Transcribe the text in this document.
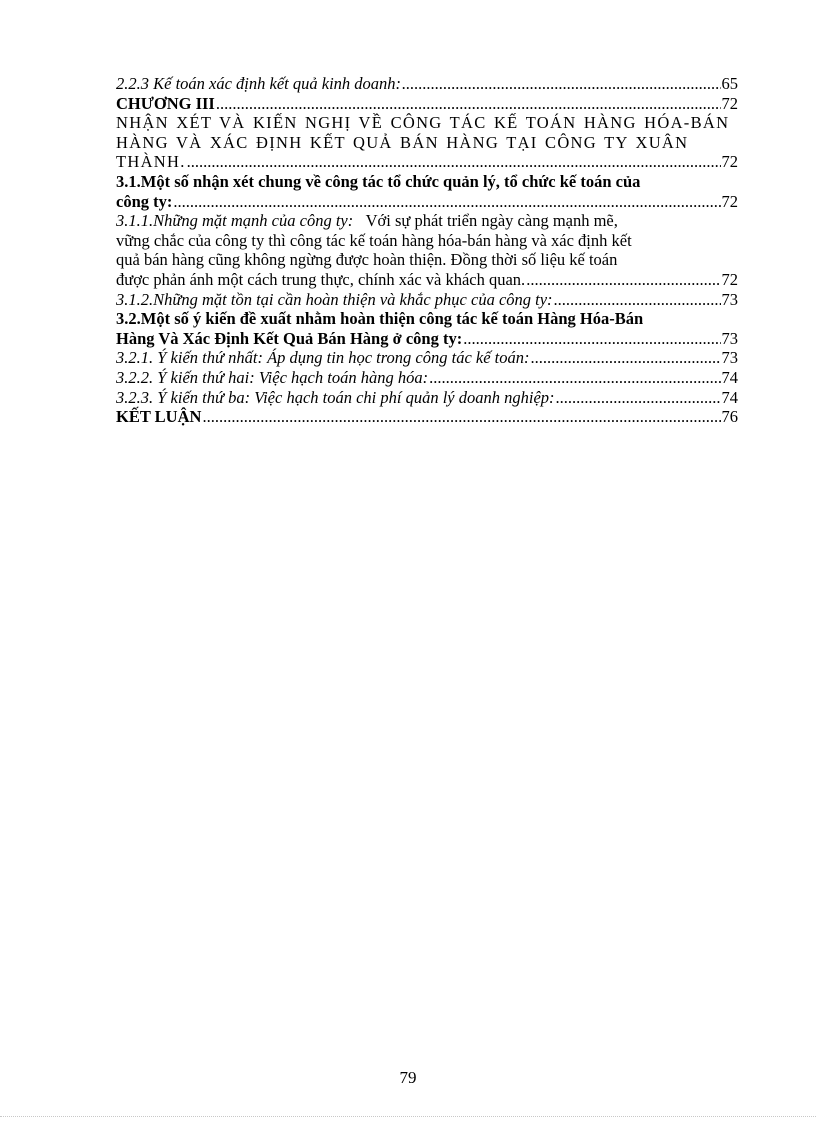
2.2.3 Kế toán xác định kết quả kinh doanh: .....	65
CHƯƠNG III .....	72
NHẬN XÉT VÀ KIẾN NGHỊ VỀ CÔNG TÁC KẾ TOÁN HÀNG HÓA-BÁN
HÀNG VÀ XÁC ĐỊNH KẾT QUẢ BÁN HÀNG TẠI CÔNG TY XUÂN
THÀNH. .....	72
3.1.Một số nhận xét chung về công tác tổ chức quản lý, tổ chức kế toán của
công ty: .....	72
3.1.1.Những mặt mạnh của công ty: Với sự phát triển ngày càng mạnh mẽ,
vững chắc của công ty thì công tác kế toán hàng hóa-bán hàng và xác định kết
quả bán hàng cũng không ngừng được hoàn thiện. Đồng thời số liệu kế toán
được phản ánh một cách trung thực, chính xác và khách quan. .....	72
3.1.2.Những mặt tồn tại cần hoàn thiện và khắc phục của công ty: .....	73
3.2.Một số ý kiến đề xuất nhằm hoàn thiện công tác kế toán Hàng Hóa-Bán
Hàng Và Xác Định Kết Quả Bán Hàng ở công ty: .....	73
3.2.1. Ý kiến thứ nhất: Áp dụng tin học trong công tác kế toán: .....	73
3.2.2. Ý kiến thứ hai: Việc hạch toán hàng hóa: .....	74
3.2.3. Ý kiến thứ ba: Việc hạch toán chi phí quản lý doanh nghiệp: .....	74
KẾT LUẬN .....	76
79
